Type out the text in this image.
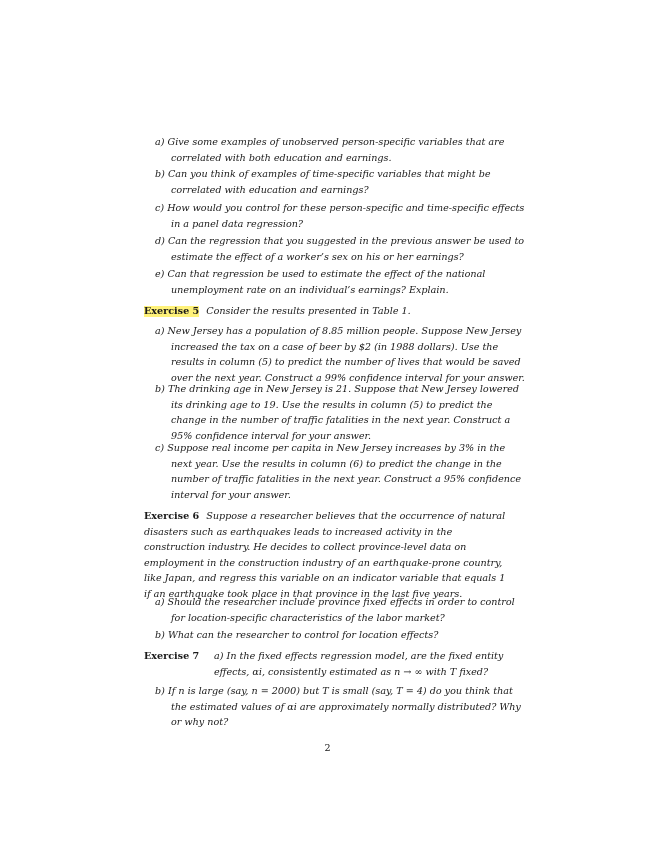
a) Give some examples of unobserved person-specific variables that are correlated with both education and earnings.
b) Can you think of examples of time-specific variables that might be correlated with education and earnings?
c) How would you control for these person-specific and time-specific effects in a panel data regression?
d) Can the regression that you suggested in the previous answer be used to estimate the effect of a worker’s sex on his or her earnings?
e) Can that regression be used to estimate the effect of the national unemployment rate on an individual’s earnings? Explain.
Exercise 5 Consider the results presented in Table 1.
a) New Jersey has a population of 8.85 million people. Suppose New Jersey increased the tax on a case of beer by $2 (in 1988 dollars). Use the results in column (5) to predict the number of lives that would be saved over the next year. Construct a 99% confidence interval for your answer.
b) The drinking age in New Jersey is 21. Suppose that New Jersey lowered its drinking age to 19. Use the results in column (5) to predict the change in the number of traffic fatalities in the next year. Construct a 95% confidence interval for your answer.
c) Suppose real income per capita in New Jersey increases by 3% in the next year. Use the results in column (6) to predict the change in the number of traffic fatalities in the next year. Construct a 95% confidence interval for your answer.
Exercise 6 Suppose a researcher believes that the occurrence of natural disasters such as earthquakes leads to increased activity in the construction industry. He decides to collect province-level data on employment in the construction industry of an earthquake-prone country, like Japan, and regress this variable on an indicator variable that equals 1 if an earthquake took place in that province in the last five years.
a) Should the researcher include province fixed effects in order to control for location-specific characteristics of the labor market?
b) What can the researcher to control for location effects?
Exercise 7	a) In the fixed effects regression model, are the fixed entity effects, αi, consistently estimated as n → ∞ with T fixed?
b) If n is large (say, n = 2000) but T is small (say, T = 4) do you think that the estimated values of αi are approximately normally distributed? Why or why not?
2
